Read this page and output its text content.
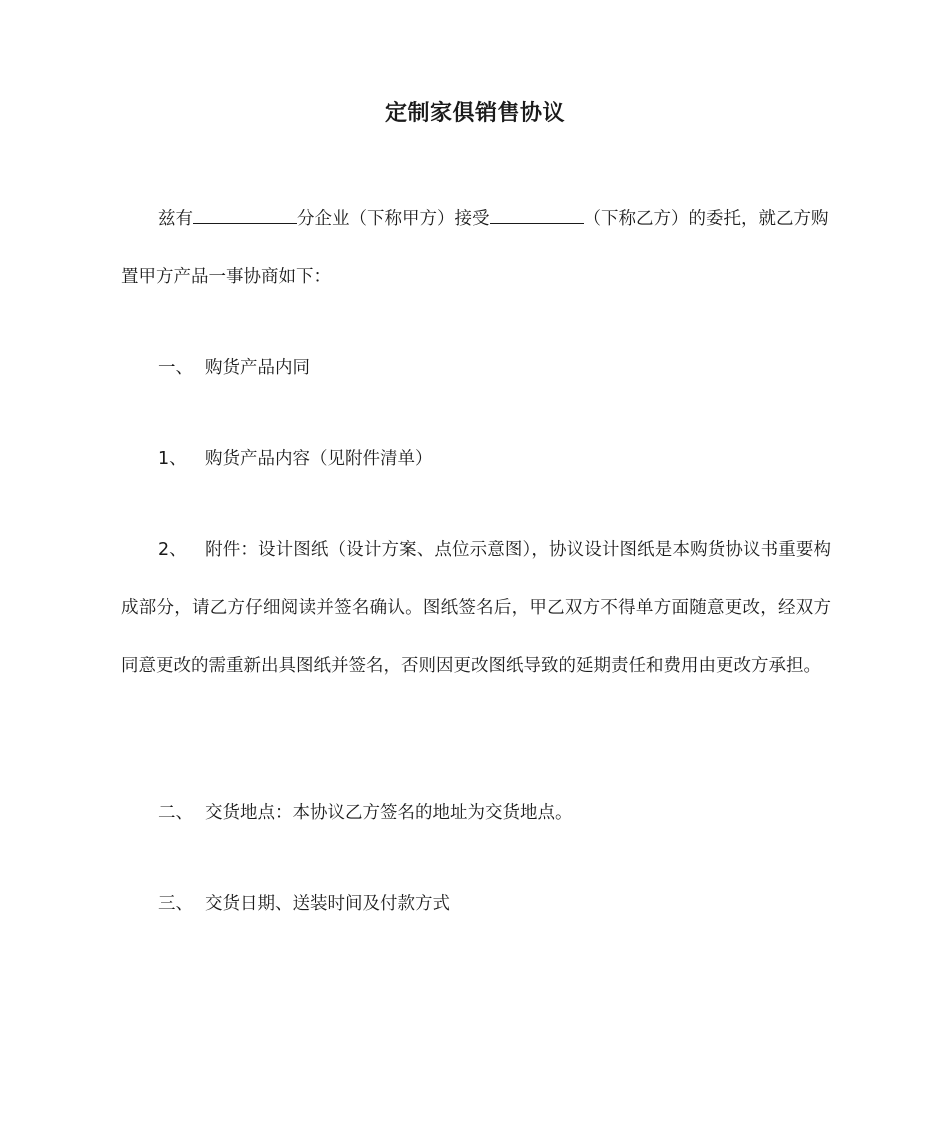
定制家俱销售协议

兹有	分企业（下称甲方）接受	（下称乙方）的委托，就乙方购置甲方产品一事协商如下：

一、 购货产品内同

1、 购货产品内容（见附件清单）

2、 附件：设计图纸（设计方案、点位示意图），协议设计图纸是本购货协议书重要构成部分，请乙方仔细阅读并签名确认。图纸签名后，甲乙双方不得单方面随意更改，经双方同意更改的需重新出具图纸并签名，否则因更改图纸导致的延期责任和费用由更改方承担。

二、 交货地点：本协议乙方签名的地址为交货地点。

三、 交货日期、送装时间及付款方式
